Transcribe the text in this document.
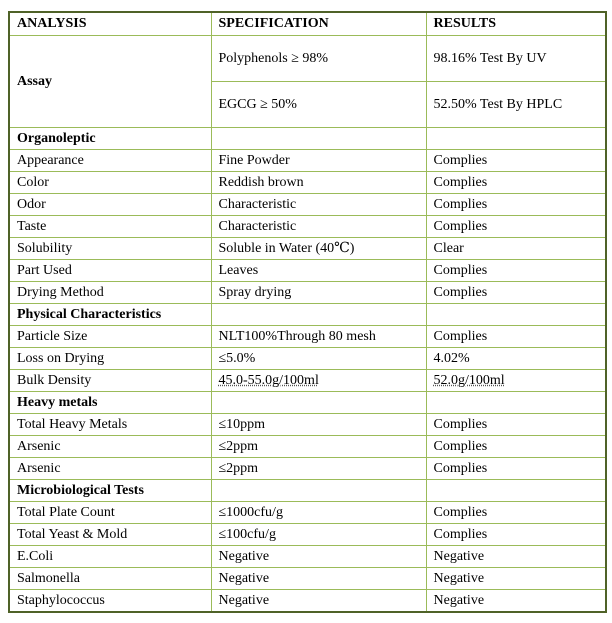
ANALYSIS	SPECIFICATION	RESULTS
Assay	Polyphenols ≥ 98%	98.16% Test By UV
	EGCG ≥ 50%	52.50% Test By HPLC
Organoleptic		
Appearance	Fine Powder	Complies
Color	Reddish brown	Complies
Odor	Characteristic	Complies
Taste	Characteristic	Complies
Solubility	Soluble in Water (40℃)	Clear
Part Used	Leaves	Complies
Drying Method	Spray drying	Complies
Physical Characteristics		
Particle Size	NLT100%Through 80 mesh	Complies
Loss on Drying	≤5.0%	4.02%
Bulk Density	45.0-55.0g/100ml	52.0g/100ml
Heavy metals		
Total Heavy Metals	≤10ppm	Complies
Arsenic	≤2ppm	Complies
Arsenic	≤2ppm	Complies
Microbiological Tests		
Total Plate Count	≤1000cfu/g	Complies
Total Yeast & Mold	≤100cfu/g	Complies
E.Coli	Negative	Negative
Salmonella	Negative	Negative
Staphylococcus	Negative	Negative
